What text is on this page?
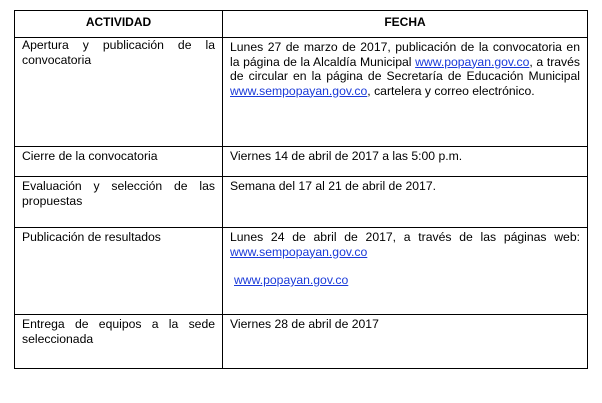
ACTIVIDAD	FECHA
Apertura y publicación de la convocatoria	Lunes 27 de marzo de 2017, publicación de la convocatoria en la página de la Alcaldía Municipal www.popayan.gov.co, a través de circular en la página de Secretaría de Educación Municipal www.sempopayan.gov.co, cartelera y correo electrónico.
Cierre de la convocatoria	Viernes 14 de abril de 2017 a las 5:00 p.m.
Evaluación y selección de las propuestas	Semana del 17 al 21 de abril de 2017.
Publicación de resultados	Lunes 24 de abril de 2017, a través de las páginas web: www.sempopayan.gov.co
www.popayan.gov.co
Entrega de equipos a la sede seleccionada	Viernes 28 de abril de 2017
